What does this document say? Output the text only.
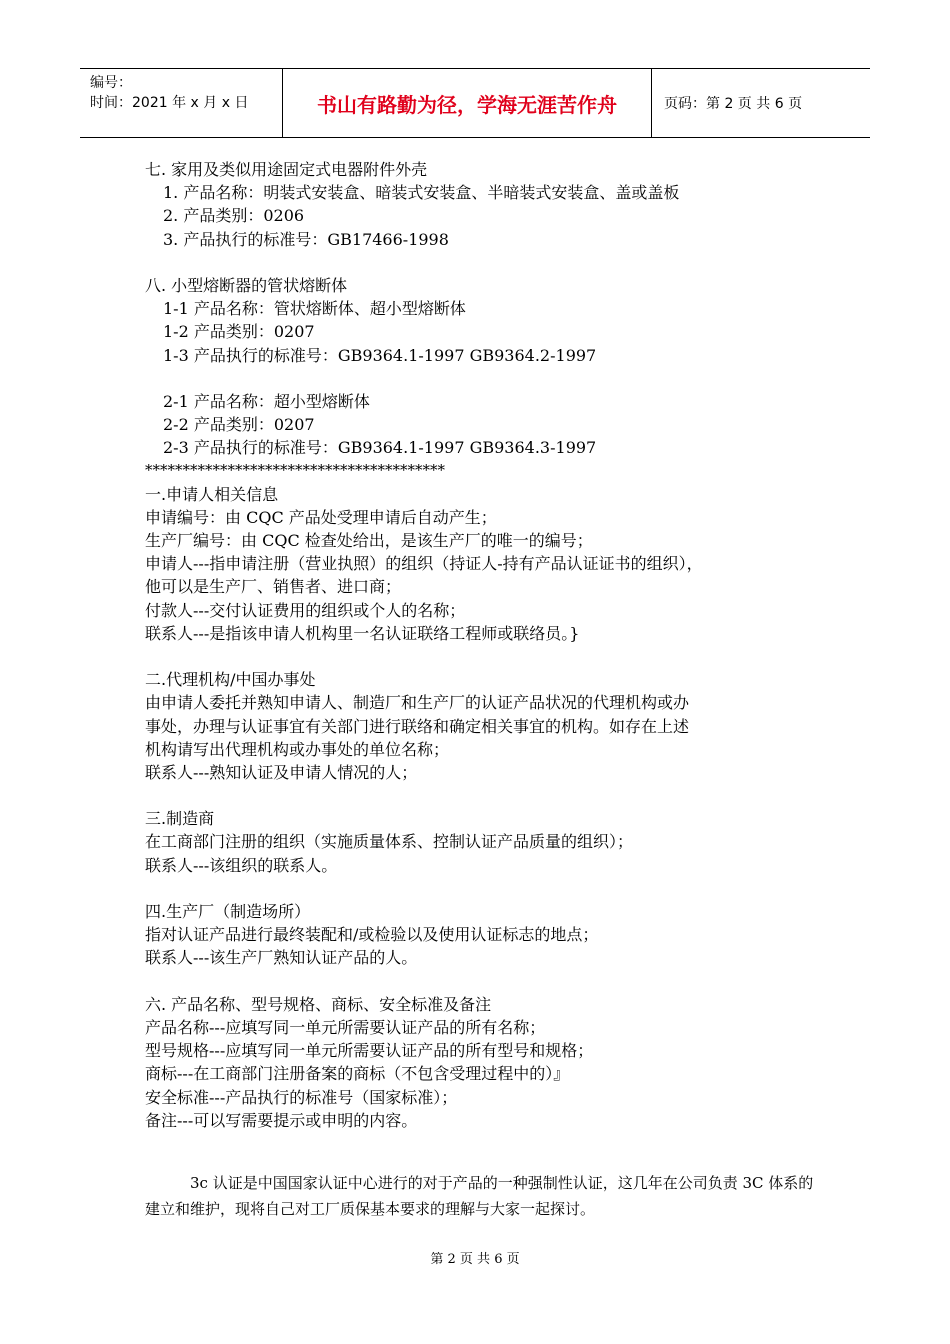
编号：
时间：2021 年 x 月 x 日	书山有路勤为径，学海无涯苦作舟	页码：第 2 页 共 6 页
七. 家用及类似用途固定式电器附件外壳
1. 产品名称：明装式安装盒、暗装式安装盒、半暗装式安装盒、盖或盖板
2. 产品类别：0206
3. 产品执行的标准号：GB17466-1998
八. 小型熔断器的管状熔断体
1-1 产品名称：管状熔断体、超小型熔断体
1-2 产品类别：0207
1-3 产品执行的标准号：GB9364.1-1997 GB9364.2-1997
2-1 产品名称：超小型熔断体
2-2 产品类别：0207
2-3 产品执行的标准号：GB9364.1-1997 GB9364.3-1997
****************************************
一.申请人相关信息
申请编号：由 CQC 产品处受理申请后自动产生；
生产厂编号：由 CQC 检查处给出，是该生产厂的唯一的编号；
申请人---指申请注册（营业执照）的组织（持证人-持有产品认证证书的组织），
他可以是生产厂、销售者、进口商；
付款人---交付认证费用的组织或个人的名称；
联系人---是指该申请人机构里一名认证联络工程师或联络员。}
二.代理机构/中国办事处
由申请人委托并熟知申请人、制造厂和生产厂的认证产品状况的代理机构或办
事处，办理与认证事宜有关部门进行联络和确定相关事宜的机构。如存在上述
机构请写出代理机构或办事处的单位名称；
联系人---熟知认证及申请人情况的人；
三.制造商
在工商部门注册的组织（实施质量体系、控制认证产品质量的组织）；
联系人---该组织的联系人。
四.生产厂（制造场所）
指对认证产品进行最终装配和/或检验以及使用认证标志的地点；
联系人---该生产厂熟知认证产品的人。
六. 产品名称、型号规格、商标、安全标准及备注
产品名称---应填写同一单元所需要认证产品的所有名称；
型号规格---应填写同一单元所需要认证产品的所有型号和规格；
商标---在工商部门注册备案的商标（不包含受理过程中的）』
安全标准---产品执行的标准号（国家标准）；
备注---可以写需要提示或申明的内容。
3c 认证是中国国家认证中心进行的对于产品的一种强制性认证，这几年在公司负责 3C 体系的建立和维护，现将自己对工厂质保基本要求的理解与大家一起探讨。
第 2 页 共 6 页
